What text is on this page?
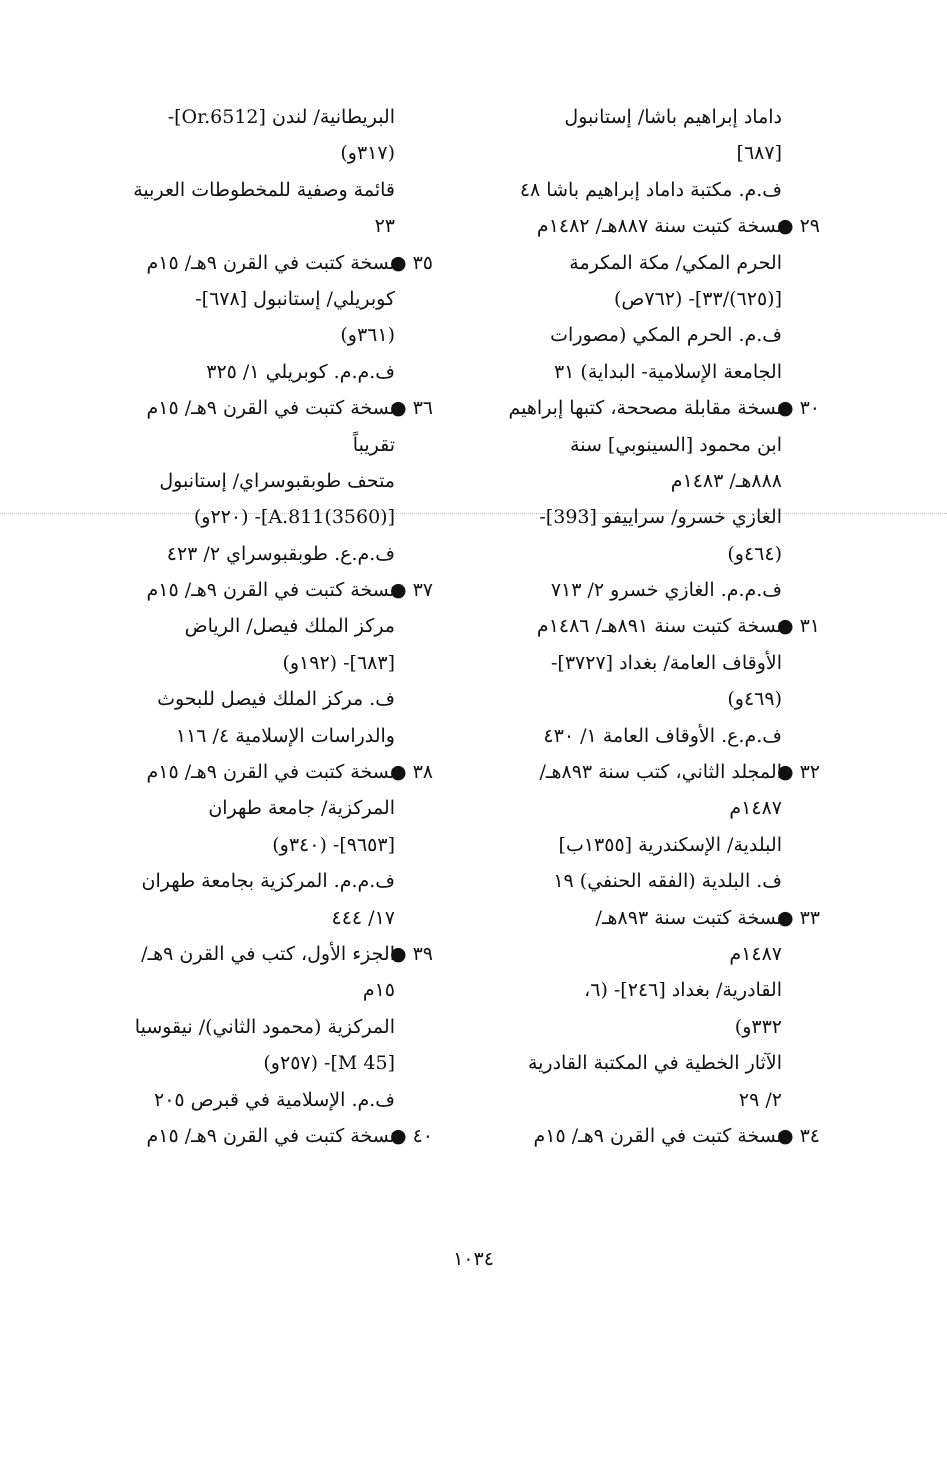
داماد إبراهيم باشا/ إستانبول
[٦٨٧]
ف.م. مكتبة داماد إبراهيم باشا ٤٨
٢٩ ●
نسخة كتبت سنة ٨٨٧هـ/ ١٤٨٢م
الحرم المكي/ مكة المكرمة
[(٦٢٥)/٣٣]- (٧٦٢ص)
ف.م. الحرم المكي (مصورات
الجامعة الإسلامية- البداية) ٣١
٣٠ ●
نسخة مقابلة مصححة، كتبها إبراهيم
ابن محمود [السينوبي] سنة
٨٨٨هـ/ ١٤٨٣م
الغازي خسرو/ سراييفو [393]-
(٤٦٤و)
ف.م.م. الغازي خسرو ٢/ ٧١٣
٣١ ●
نسخة كتبت سنة ٨٩١هـ/ ١٤٨٦م
الأوقاف العامة/ بغداد [٣٧٢٧]-
(٤٦٩و)
ف.م.ع. الأوقاف العامة ١/ ٤٣٠
٣٢ ●
المجلد الثاني، كتب سنة ٨٩٣هـ/
١٤٨٧م
البلدية/ الإسكندرية [١٣٥٥ب]
ف. البلدية (الفقه الحنفي) ١٩
٣٣ ●
نسخة كتبت سنة ٨٩٣هـ/
١٤٨٧م
القادرية/ بغداد [٢٤٦]- (٦،
٣٣٢و)
الآثار الخطية في المكتبة القادرية
٢/ ٢٩
٣٤ ●
نسخة كتبت في القرن ٩هـ/ ١٥م
البريطانية/ لندن [Or.6512]-
(٣١٧و)
قائمة وصفية للمخطوطات العربية
٢٣
٣٥ ●
نسخة كتبت في القرن ٩هـ/ ١٥م
كوبريلي/ إستانبول [٦٧٨]-
(٣٦١و)
ف.م.م. كوبريلي ١/ ٣٢٥
٣٦ ●
نسخة كتبت في القرن ٩هـ/ ١٥م
تقريباً
متحف طوبقبوسراي/ إستانبول
[(3560)A.811]- (٢٢٠و)
ف.م.ع. طوبقبوسراي ٢/ ٤٢٣
٣٧ ●
نسخة كتبت في القرن ٩هـ/ ١٥م
مركز الملك فيصل/ الرياض
[٦٨٣]- (١٩٢و)
ف. مركز الملك فيصل للبحوث
والدراسات الإسلامية ٤/ ١١٦
٣٨ ●
نسخة كتبت في القرن ٩هـ/ ١٥م
المركزية/ جامعة طهران
[٩٦٥٣]- (٣٤٠و)
ف.م.م. المركزية بجامعة طهران
١٧/ ٤٤٤
٣٩ ●
الجزء الأول، كتب في القرن ٩هـ/
١٥م
المركزية (محمود الثاني)/ نيقوسيا
[M 45]- (٢٥٧و)
ف.م. الإسلامية في قبرص ٢٠٥
٤٠ ●
نسخة كتبت في القرن ٩هـ/ ١٥م
١٠٣٤
